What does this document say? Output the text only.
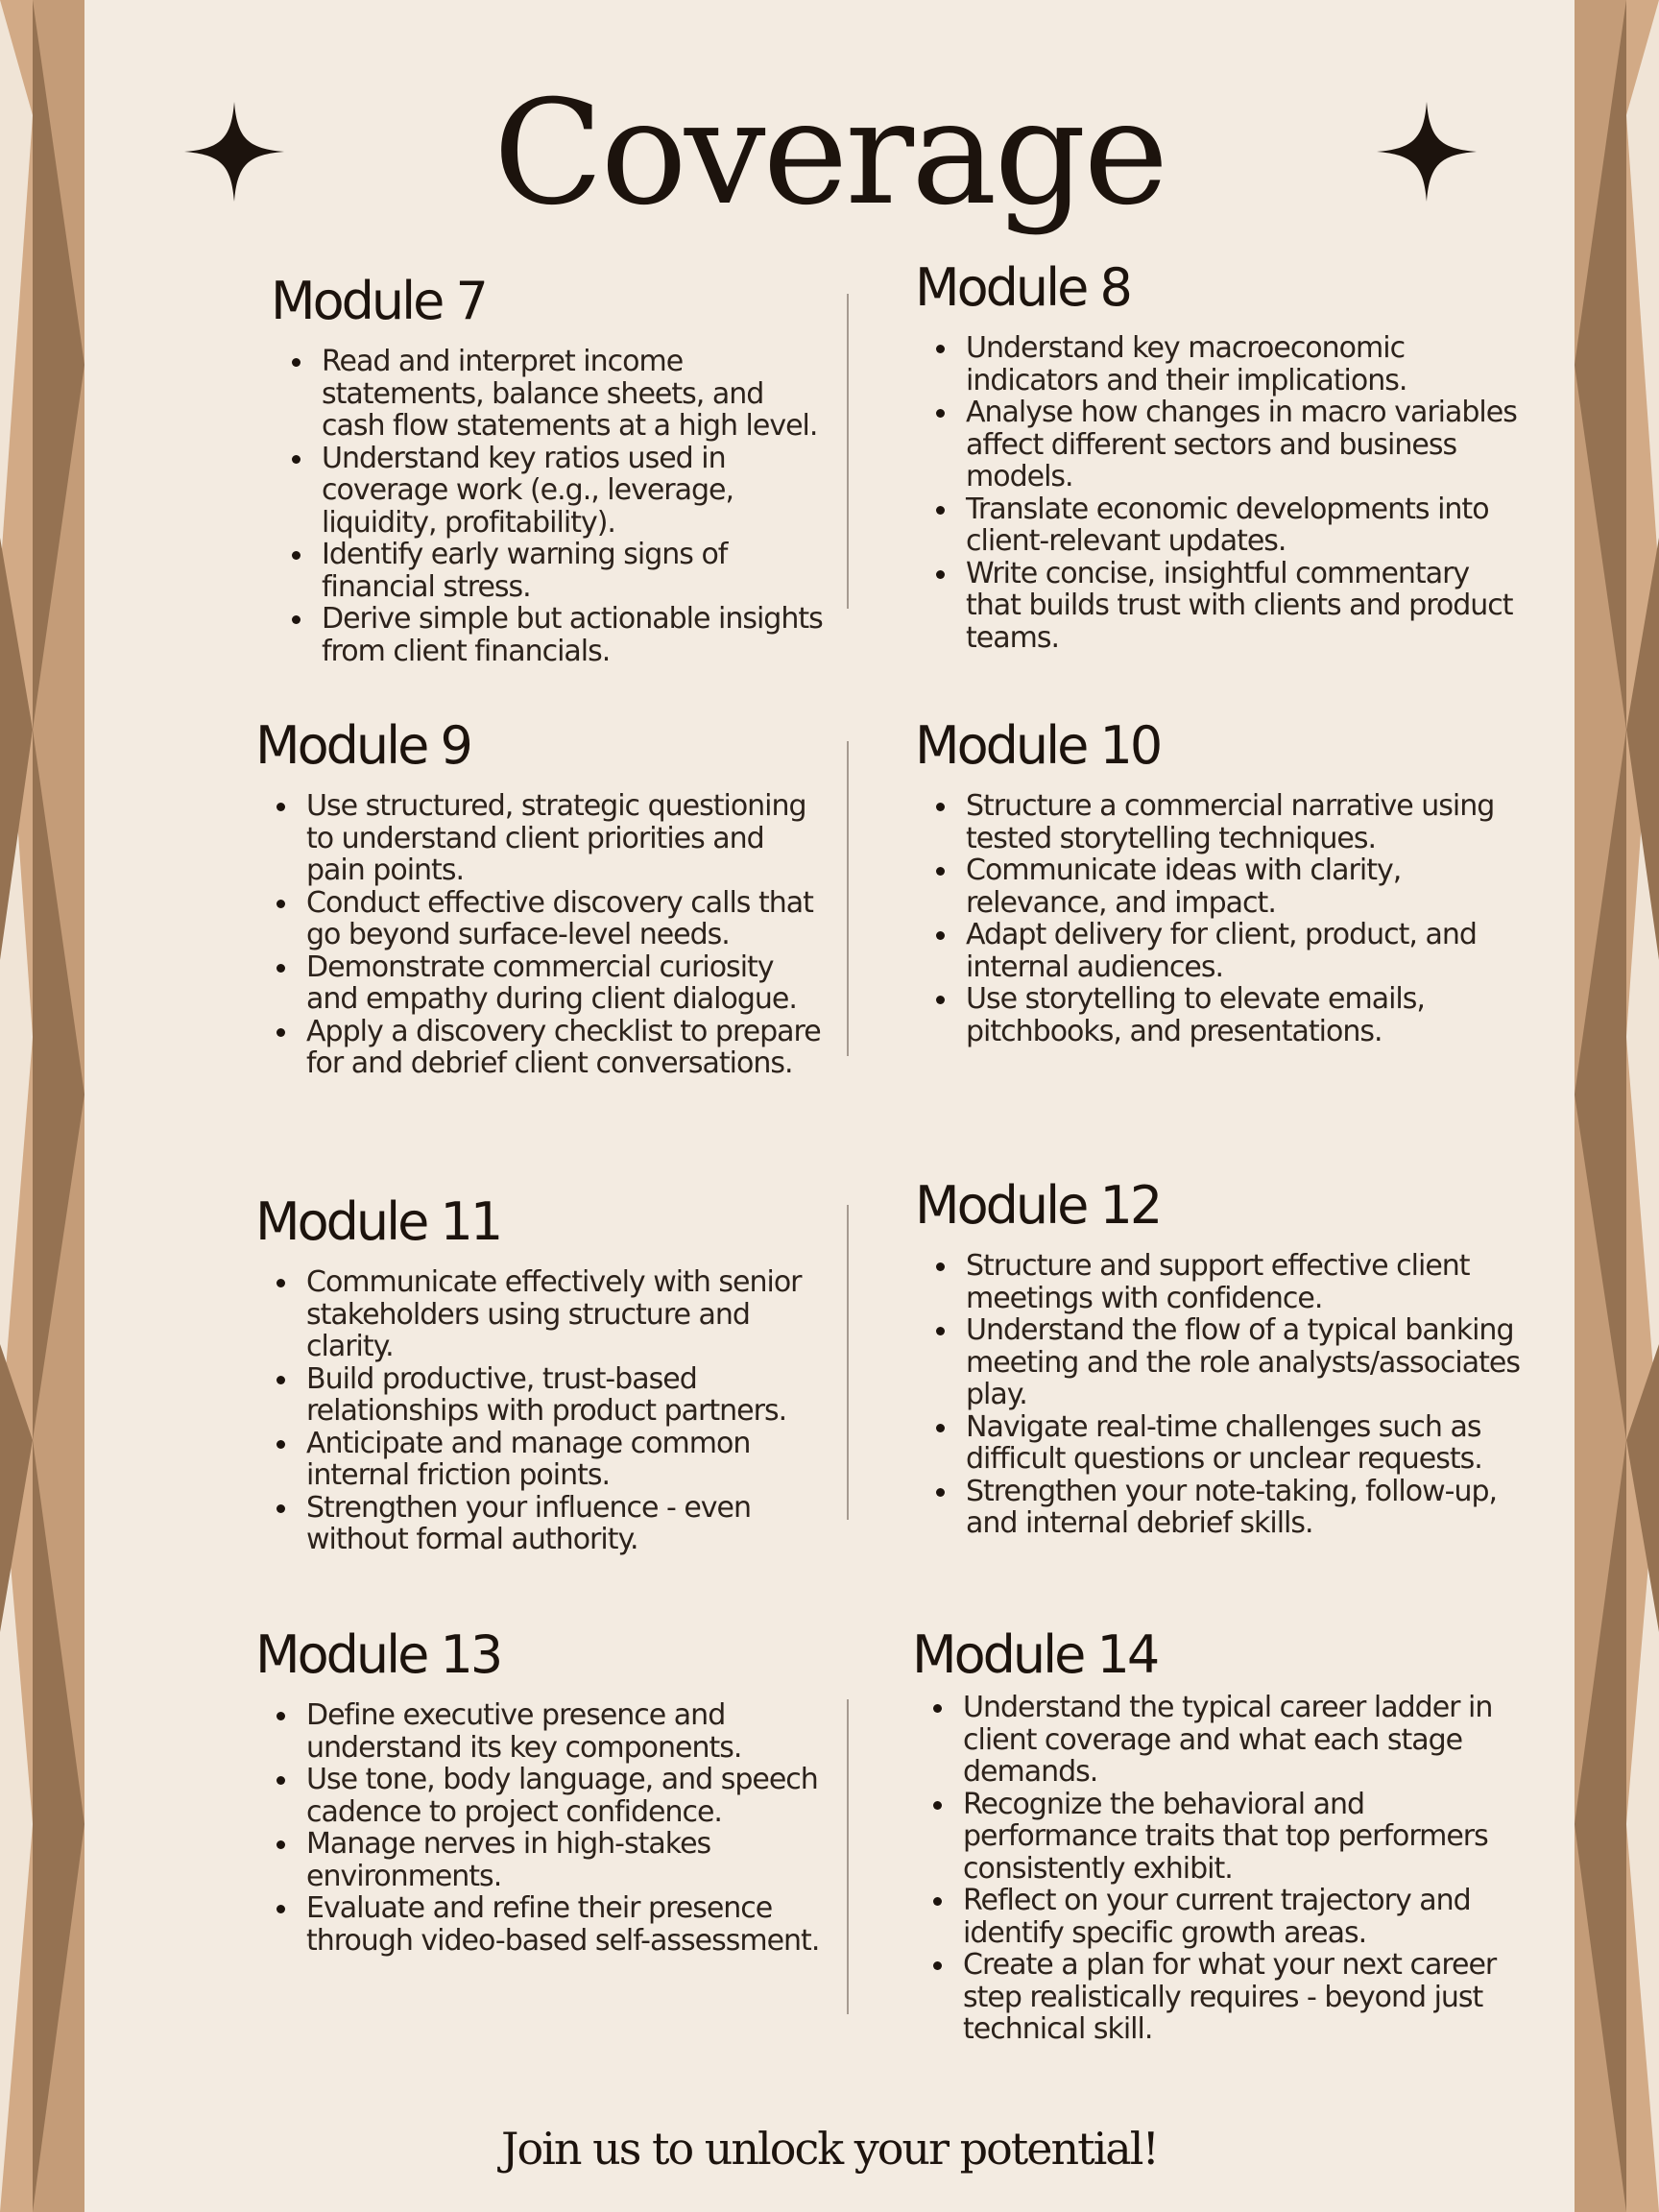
Coverage
Module 7
Read and interpret income statements, balance sheets, and cash flow statements at a high level.
Understand key ratios used in coverage work (e.g., leverage, liquidity, profitability).
Identify early warning signs of financial stress.
Derive simple but actionable insights from client financials.
Module 8
Understand key macroeconomic indicators and their implications.
Analyse how changes in macro variables affect different sectors and business models.
Translate economic developments into client-relevant updates.
Write concise, insightful commentary that builds trust with clients and product teams.
Module 9
Use structured, strategic questioning to understand client priorities and pain points.
Conduct effective discovery calls that go beyond surface-level needs.
Demonstrate commercial curiosity and empathy during client dialogue.
Apply a discovery checklist to prepare for and debrief client conversations.
Module 10
Structure a commercial narrative using tested storytelling techniques.
Communicate ideas with clarity, relevance, and impact.
Adapt delivery for client, product, and internal audiences.
Use storytelling to elevate emails, pitchbooks, and presentations.
Module 11
Communicate effectively with senior stakeholders using structure and clarity.
Build productive, trust-based relationships with product partners.
Anticipate and manage common internal friction points.
Strengthen your influence - even without formal authority.
Module 12
Structure and support effective client meetings with confidence.
Understand the flow of a typical banking meeting and the role analysts/associates play.
Navigate real-time challenges such as difficult questions or unclear requests.
Strengthen your note-taking, follow-up, and internal debrief skills.
Module 13
Define executive presence and understand its key components.
Use tone, body language, and speech cadence to project confidence.
Manage nerves in high-stakes environments.
Evaluate and refine their presence through video-based self-assessment.
Module 14
Understand the typical career ladder in client coverage and what each stage demands.
Recognize the behavioral and performance traits that top performers consistently exhibit.
Reflect on your current trajectory and identify specific growth areas.
Create a plan for what your next career step realistically requires - beyond just technical skill.

Join us to unlock your potential!
